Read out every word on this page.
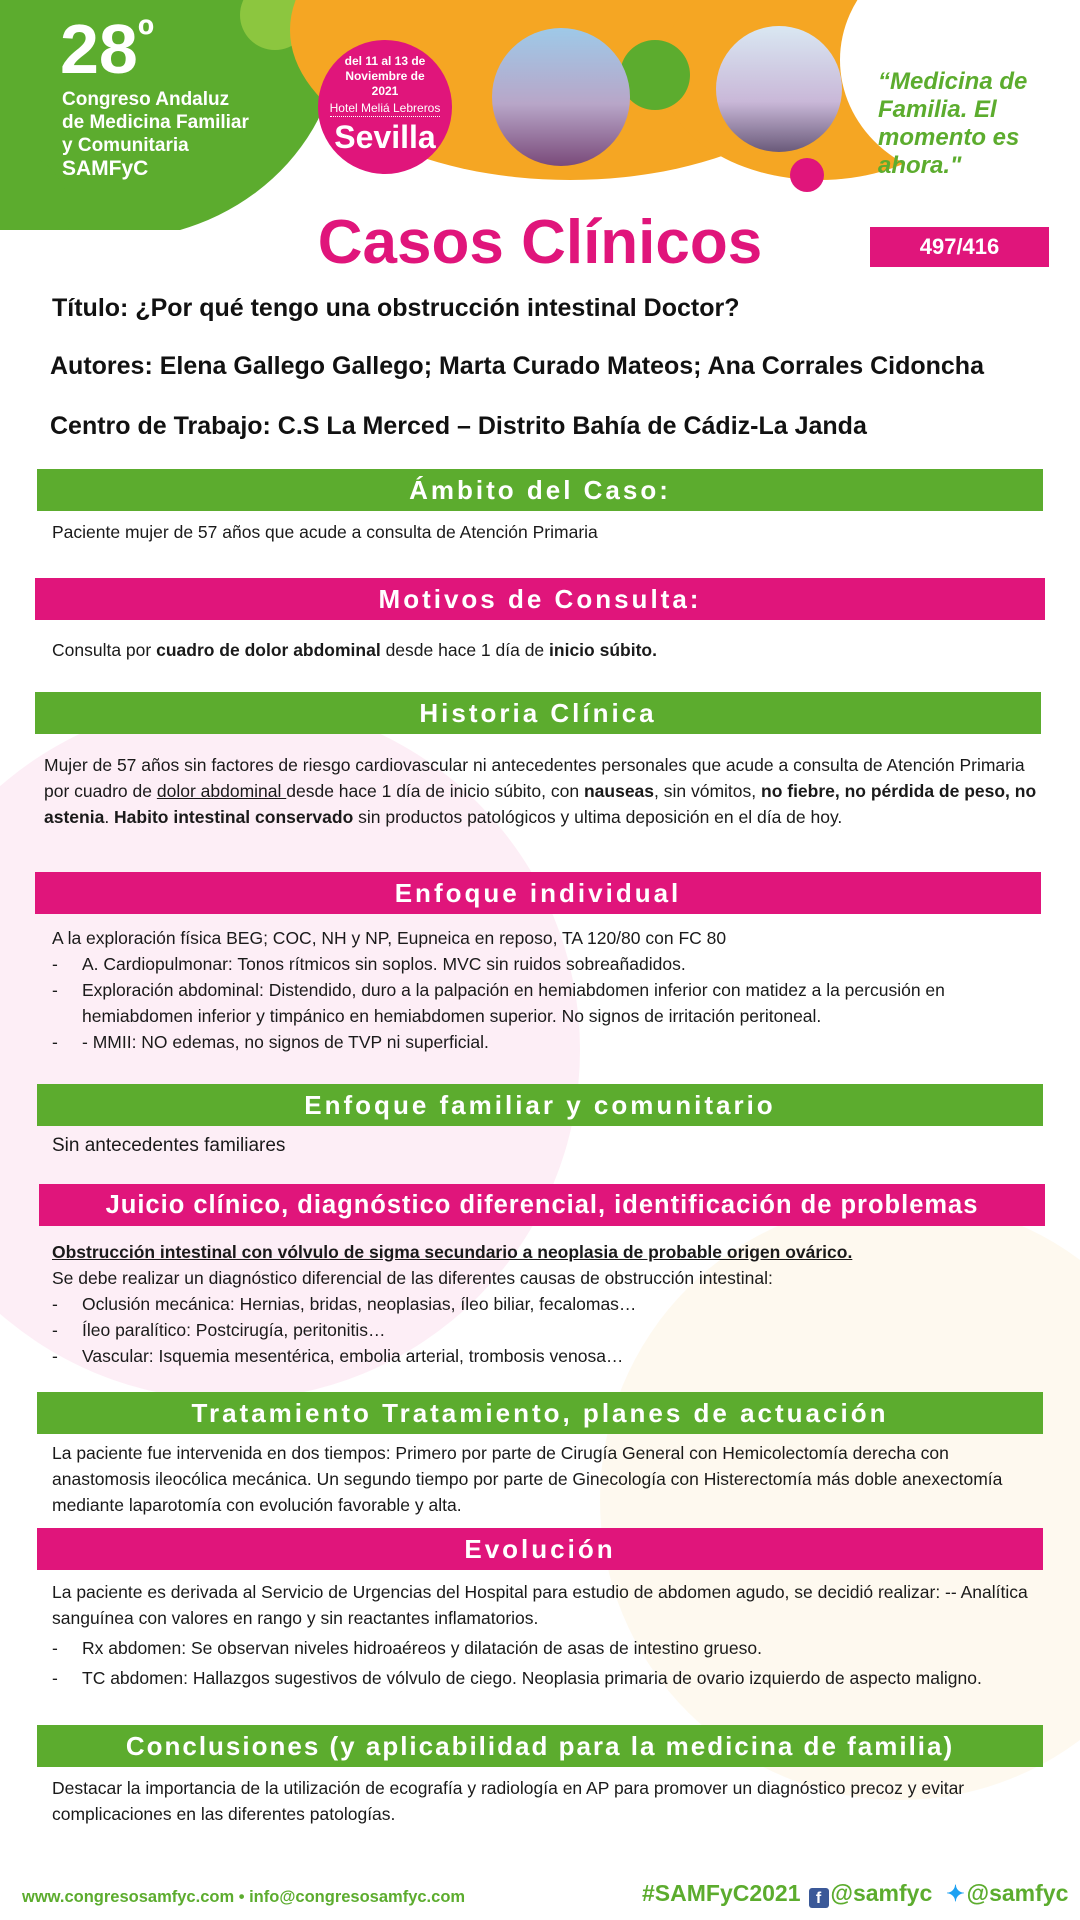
$28^º$
Congreso Andaluz
de Medicina Familiar
y Comunitaria
SAMFyC
del 11 al 13 de Noviembre de 2021
Hotel Meliá Lebreros
Sevilla
“Medicina de Familia. El momento es ahora."
Casos Clínicos	497/416
Título: ¿Por qué tengo una obstrucción intestinal Doctor?
Autores: Elena Gallego Gallego; Marta Curado Mateos; Ana Corrales Cidoncha
Centro de Trabajo: C.S La Merced – Distrito Bahía de Cádiz-La Janda
Ámbito del Caso:
Paciente mujer de 57 años que acude a consulta de Atención Primaria
Motivos de Consulta:
Consulta por cuadro de dolor abdominal desde hace 1 día de inicio súbito.
Historia Clínica
Mujer de 57 años sin factores de riesgo cardiovascular ni antecedentes personales que acude a consulta de Atención Primaria por cuadro de dolor abdominal desde hace 1 día de inicio súbito, con nauseas, sin vómitos, no fiebre, no pérdida de peso, no astenia. Habito intestinal conservado sin productos patológicos y ultima deposición en el día de hoy.
Enfoque individual

A la exploración física BEG; COC, NH y NP, Eupneica en reposo, TA 120/80 con FC 80

- A. Cardiopulmonar: Tonos rítmicos sin soplos. MVC sin ruidos sobreañadidos.

- Exploración abdominal: Distendido, duro a la palpación en hemiabdomen inferior con matidez a la percusión en hemiabdomen inferior y timpánico en hemiabdomen superior. No signos de irritación peritoneal.

- - MMII: NO edemas, no signos de TVP ni superficial.

Enfoque familiar y comunitario
Sin antecedentes familiares
Juicio clínico, diagnóstico diferencial, identificación de problemas

Obstrucción intestinal con vólvulo de sigma secundario a neoplasia de probable origen ovárico.

Se debe realizar un diagnóstico diferencial de las diferentes causas de obstrucción intestinal:

- Oclusión mecánica: Hernias, bridas, neoplasias, íleo biliar, fecalomas…

- Íleo paralítico: Postcirugía, peritonitis…

- Vascular: Isquemia mesentérica, embolia arterial, trombosis venosa…

Tratamiento Tratamiento, planes de actuación
La paciente fue intervenida en dos tiempos: Primero por parte de Cirugía General con Hemicolectomía derecha con anastomosis ileocólica mecánica. Un segundo tiempo por parte de Ginecología con Histerectomía más doble anexectomía mediante laparotomía con evolución favorable y alta.
Evolución

La paciente es derivada al Servicio de Urgencias del Hospital para estudio de abdomen agudo, se decidió realizar: -- Analítica sanguínea con valores en rango y sin reactantes inflamatorios.

- Rx abdomen: Se observan niveles hidroaéreos y dilatación de asas de intestino grueso.

- TC abdomen: Hallazgos sugestivos de vólvulo de ciego. Neoplasia primaria de ovario izquierdo de aspecto maligno.

Conclusiones (y aplicabilidad para la medicina de familia)
Destacar la importancia de la utilización de ecografía y radiología en AP para promover un diagnóstico precoz y evitar complicaciones en las diferentes patologías.
www.congresosamfyc.com • info@congresosamfyc.com	#SAMFyC2021 f @samfyc ✦@samfyc
